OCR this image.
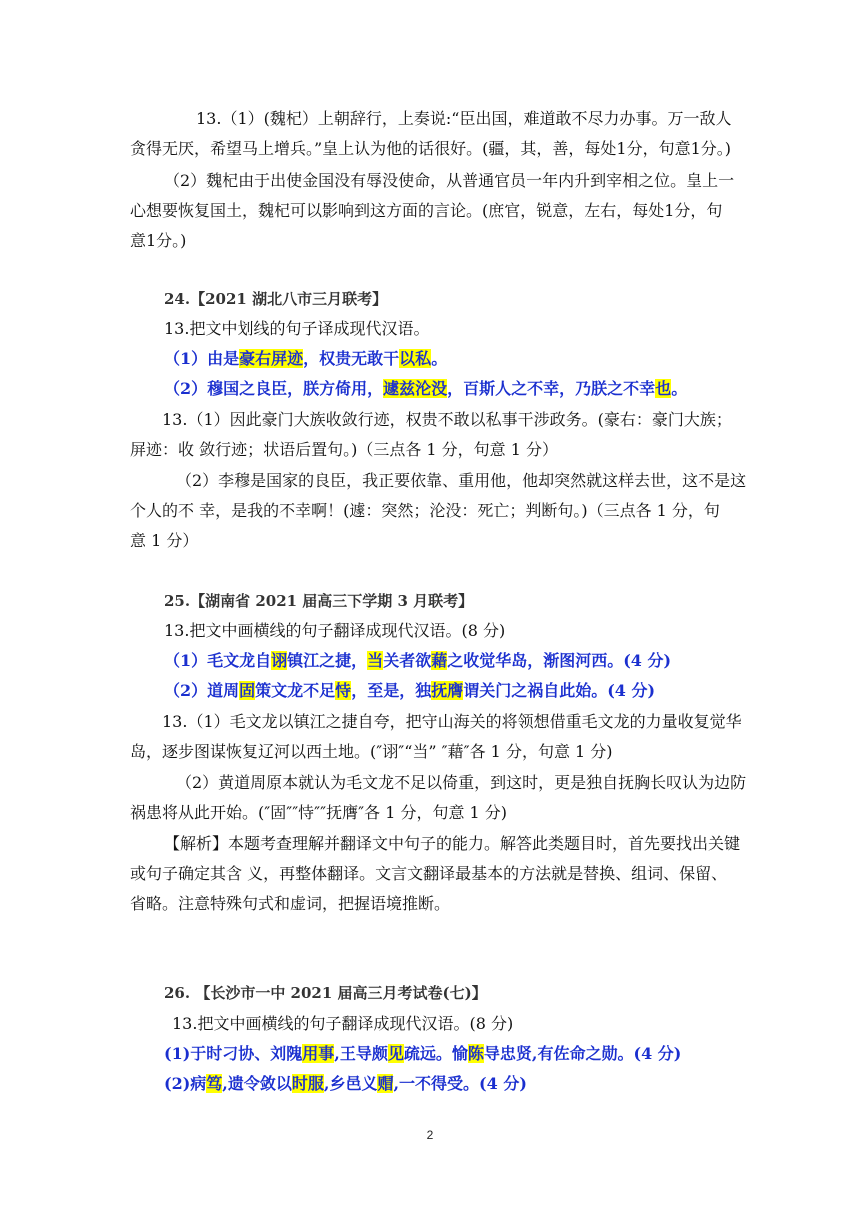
13.（1）(魏杞）上朝辞行，上奏说:“臣出国，难道敢不尽力办事。万一敌人
贪得无厌，希望马上增兵。”皇上认为他的话很好。(疆，其，善，每处1分，句意1分。)
（2）魏杞由于出使金国没有辱没使命，从普通官员一年内升到宰相之位。皇上一
心想要恢复国土，魏杞可以影响到这方面的言论。(庶官，锐意，左右，每处1分，句
意1分。)
24.【2021 湖北八市三月联考】
13.把文中划线的句子译成现代汉语。
（1）由是豪右屏迹，权贵无敢干以私。
（2）穆国之良臣，朕方倚用，遽兹沦没，百斯人之不幸，乃朕之不幸也。
13.（1）因此豪门大族收敛行迹，权贵不敢以私事干涉政务。(豪右：豪门大族；
屏迹：收 敛行迹；状语后置句。)（三点各 1 分，句意 1 分）
（2）李穆是国家的良臣，我正要依靠、重用他，他却突然就这样去世，这不是这
个人的不 幸，是我的不幸啊！(遽：突然；沦没：死亡；判断句。)（三点各 1 分，句
意 1 分）
25.【湖南省 2021 届高三下学期 3 月联考】
13.把文中画横线的句子翻译成现代汉语。(8 分)
（1）毛文龙自诩镇江之捷，当关者欲藉之收觉华岛，渐图河西。(4 分)
（2）道周固策文龙不足恃，至是，独抚膺谓关门之祸自此始。(4 分)
13.（1）毛文龙以镇江之捷自夸，把守山海关的将领想借重毛文龙的力量收复觉华
岛，逐步图谋恢复辽河以西土地。(″诩″“当” ″藉″各 1 分，句意 1 分)
（2）黄道周原本就认为毛文龙不足以倚重，到这时，更是独自抚胸长叹认为边防
祸患将从此开始。(″固″″恃″″抚膺″各 1 分，句意 1 分)
【解析】本题考查理解并翻译文中句子的能力。解答此类题目时，首先要找出关键
或句子确定其含 义，再整体翻译。文言文翻译最基本的方法就是替换、组词、保留、
省略。注意特殊句式和虚词，把握语境推断。
26. 【长沙市一中 2021 届高三月考试卷(七)】
13.把文中画横线的句子翻译成现代汉语。(8 分)
(1)于时刁协、刘隗用事,王导颇见疏远。愉陈导忠贤,有佐命之勋。(4 分)
(2)病笃,遗令敛以时服,乡邑义赗,一不得受。(4 分)
2
